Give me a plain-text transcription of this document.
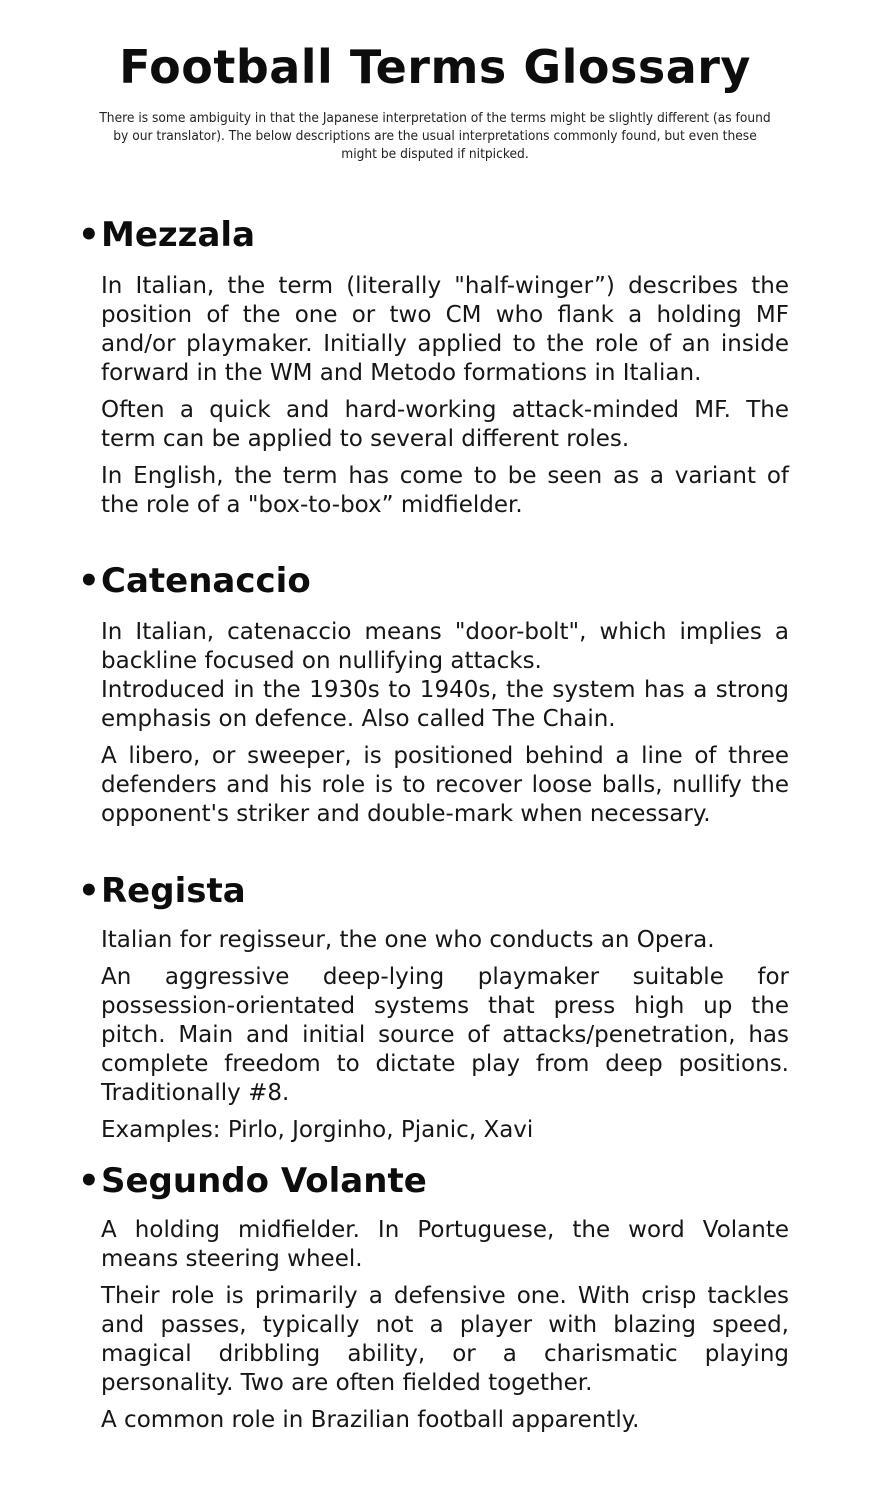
Football Terms Glossary

There is some ambiguity in that the Japanese interpretation of the terms might be slightly different (as found by our translator). The below descriptions are the usual interpretations commonly found, but even these might be disputed if nitpicked.

• Mezzala

In Italian, the term (literally "half-winger”) describes the position of the one or two CM who flank a holding MF and/or playmaker. Initially applied to the role of an inside forward in the WM and Metodo formations in Italian.

Often a quick and hard-working attack-minded MF. The term can be applied to several different roles.

In English, the term has come to be seen as a variant of the role of a "box-to-box” midfielder.

• Catenaccio

In Italian, catenaccio means "door-bolt", which implies a backline focused on nullifying attacks.

Introduced in the 1930s to 1940s, the system has a strong emphasis on defence. Also called The Chain.

A libero, or sweeper, is positioned behind a line of three defenders and his role is to recover loose balls, nullify the opponent's striker and double-mark when necessary.

• Regista

Italian for regisseur, the one who conducts an Opera.

An aggressive deep-lying playmaker suitable for possession-orientated systems that press high up the pitch. Main and initial source of attacks/penetration, has complete freedom to dictate play from deep positions. Traditionally #8.

Examples: Pirlo, Jorginho, Pjanic, Xavi

• Segundo Volante

A holding midfielder. In Portuguese, the word Volante means steering wheel.

Their role is primarily a defensive one. With crisp tackles and passes, typically not a player with blazing speed, magical dribbling ability, or a charismatic playing personality. Two are often fielded together.

A common role in Brazilian football apparently.
